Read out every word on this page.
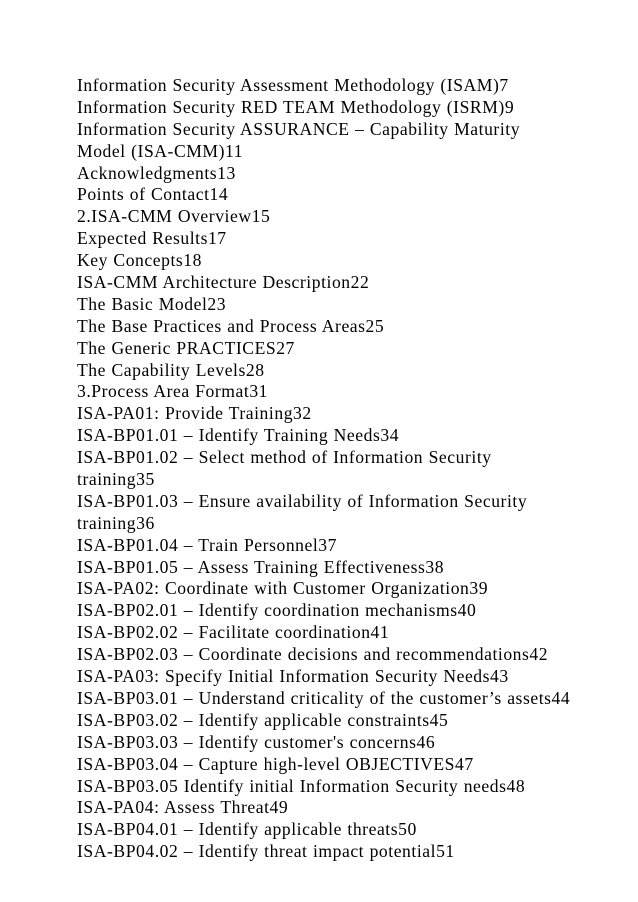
Information Security Assessment Methodology (ISAM)7
Information Security RED TEAM Methodology (ISRM)9
Information Security ASSURANCE – Capability Maturity
Model (ISA-CMM)11
Acknowledgments13
Points of Contact14
2.ISA-CMM Overview15
Expected Results17
Key Concepts18
ISA-CMM Architecture Description22
The Basic Model23
The Base Practices and Process Areas25
The Generic PRACTICES27
The Capability Levels28
3.Process Area Format31
ISA-PA01: Provide Training32
ISA-BP01.01 – Identify Training Needs34
ISA-BP01.02 – Select method of Information Security
training35
ISA-BP01.03 – Ensure availability of Information Security
training36
ISA-BP01.04 – Train Personnel37
ISA-BP01.05 – Assess Training Effectiveness38
ISA-PA02: Coordinate with Customer Organization39
ISA-BP02.01 – Identify coordination mechanisms40
ISA-BP02.02 – Facilitate coordination41
ISA-BP02.03 – Coordinate decisions and recommendations42
ISA-PA03: Specify Initial Information Security Needs43
ISA-BP03.01 – Understand criticality of the customer’s assets44
ISA-BP03.02 – Identify applicable constraints45
ISA-BP03.03 – Identify customer's concerns46
ISA-BP03.04 – Capture high-level OBJECTIVES47
ISA-BP03.05 Identify initial Information Security needs48
ISA-PA04: Assess Threat49
ISA-BP04.01 – Identify applicable threats50
ISA-BP04.02 – Identify threat impact potential51
